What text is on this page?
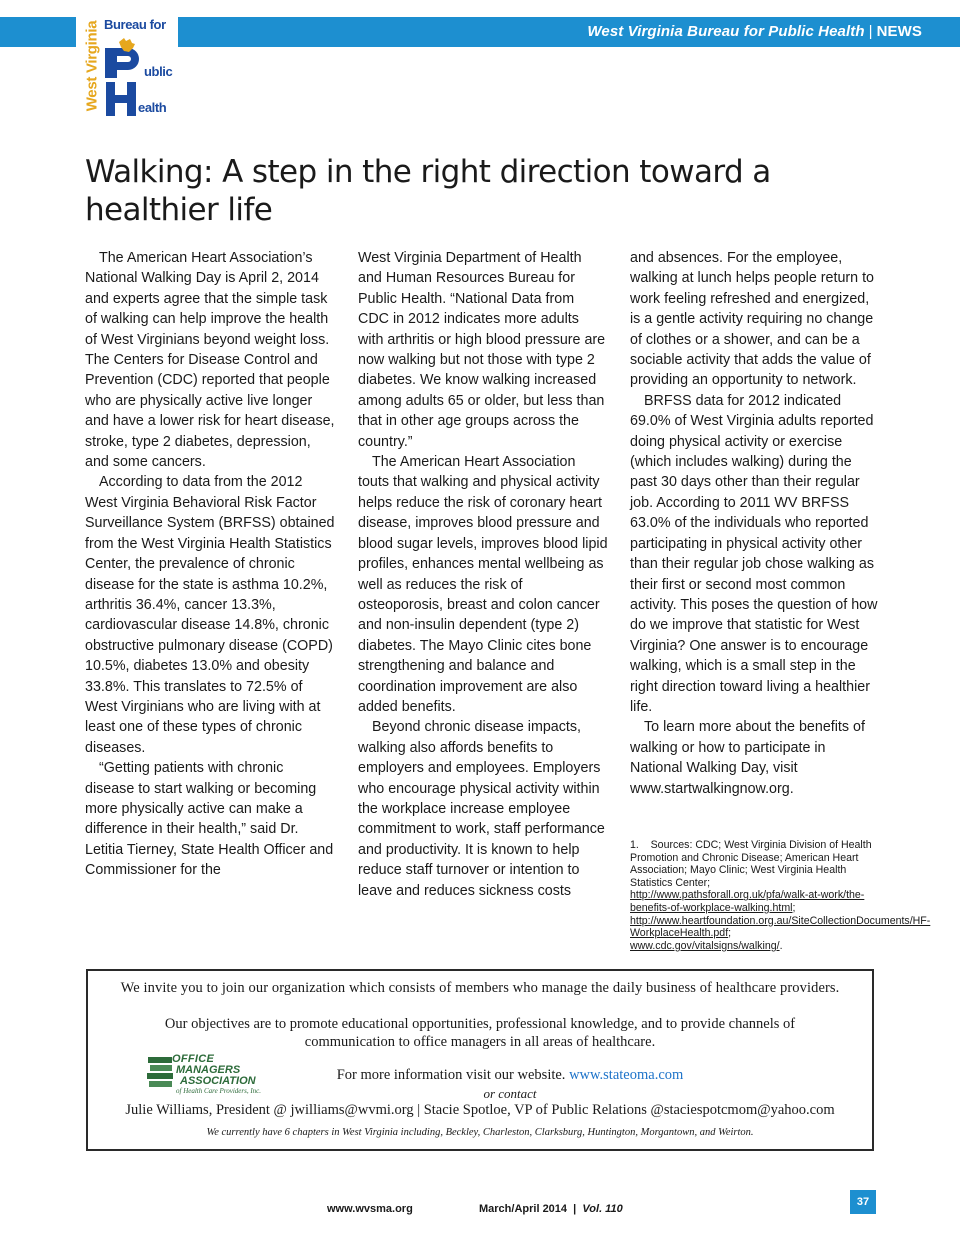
West Virginia Bureau for Public Health | NEWS
West Virginia Bureau for
ublic
ealth
Walking: A step in the right direction toward a healthier life

The American Heart Association’s National Walking Day is April 2, 2014 and experts agree that the simple task of walking can help improve the health of West Virginians beyond weight loss. The Centers for Disease Control and Prevention (CDC) reported that people who are physically active live longer and have a lower risk for heart disease, stroke, type 2 diabetes, depression, and some cancers.

According to data from the 2012 West Virginia Behavioral Risk Factor Surveillance System (BRFSS) obtained from the West Virginia Health Statistics Center, the prevalence of chronic disease for the state is asthma 10.2%, arthritis 36.4%, cancer 13.3%, cardiovascular disease 14.8%, chronic obstructive pulmonary disease (COPD) 10.5%, diabetes 13.0% and obesity 33.8%. This translates to 72.5% of West Virginians who are living with at least one of these types of chronic diseases.

“Getting patients with chronic disease to start walking or becoming more physically active can make a difference in their health,” said Dr. Letitia Tierney, State Health Officer and Commissioner for the

West Virginia Department of Health and Human Resources Bureau for Public Health. “National Data from CDC in 2012 indicates more adults with arthritis or high blood pressure are now walking but not those with type 2 diabetes. We know walking increased among adults 65 or older, but less than that in other age groups across the country.”

The American Heart Association touts that walking and physical activity helps reduce the risk of coronary heart disease, improves blood pressure and blood sugar levels, improves blood lipid profiles, enhances mental wellbeing as well as reduces the risk of osteoporosis, breast and colon cancer and non-insulin dependent (type 2) diabetes. The Mayo Clinic cites bone strengthening and balance and coordination improvement are also added benefits.

Beyond chronic disease impacts, walking also affords benefits to employers and employees. Employers who encourage physical activity within the workplace increase employee commitment to work, staff performance and productivity. It is known to help reduce staff turnover or intention to leave and reduces sickness costs

and absences. For the employee, walking at lunch helps people return to work feeling refreshed and energized, is a gentle activity requiring no change of clothes or a shower, and can be a sociable activity that adds the value of providing an opportunity to network.

BRFSS data for 2012 indicated 69.0% of West Virginia adults reported doing physical activity or exercise (which includes walking) during the past 30 days other than their regular job. According to 2011 WV BRFSS 63.0% of the individuals who reported participating in physical activity other than their regular job chose walking as their first or second most common activity. This poses the question of how do we improve that statistic for West Virginia? One answer is to encourage walking, which is a small step in the right direction toward living a healthier life.

To learn more about the benefits of walking or how to participate in National Walking Day, visit www.startwalkingnow.org.

1.    Sources: CDC; West Virginia Division of Health Promotion and Chronic Disease; American Heart Association; Mayo Clinic; West Virginia Health Statistics Center; http://www.pathsforall.org.uk/pfa/walk-at-work/the-benefits-of-workplace-walking.html; http://www.heartfoundation.org.au/SiteCollectionDocuments/HF-WorkplaceHealth.pdf; www.cdc.gov/vitalsigns/walking/.
We invite you to join our organization which consists of members who manage the daily business of healthcare providers.
Our objectives are to promote educational opportunities, professional knowledge, and to provide channels of communication to office managers in all areas of healthcare.
OFFICE
MANAGERS
ASSOCIATION
of Health Care Providers, Inc.
For more information visit our website. www.stateoma.com
or contact
Julie Williams, President @ jwilliams@wvmi.org | Stacie Spotloe, VP of Public Relations @staciespotcmom@yahoo.com
We currently have 6 chapters in West Virginia including, Beckley, Charleston, Clarksburg, Huntington, Morgantown, and Weirton.
www.wvsma.org	March/April 2014  |  Vol. 110
37
